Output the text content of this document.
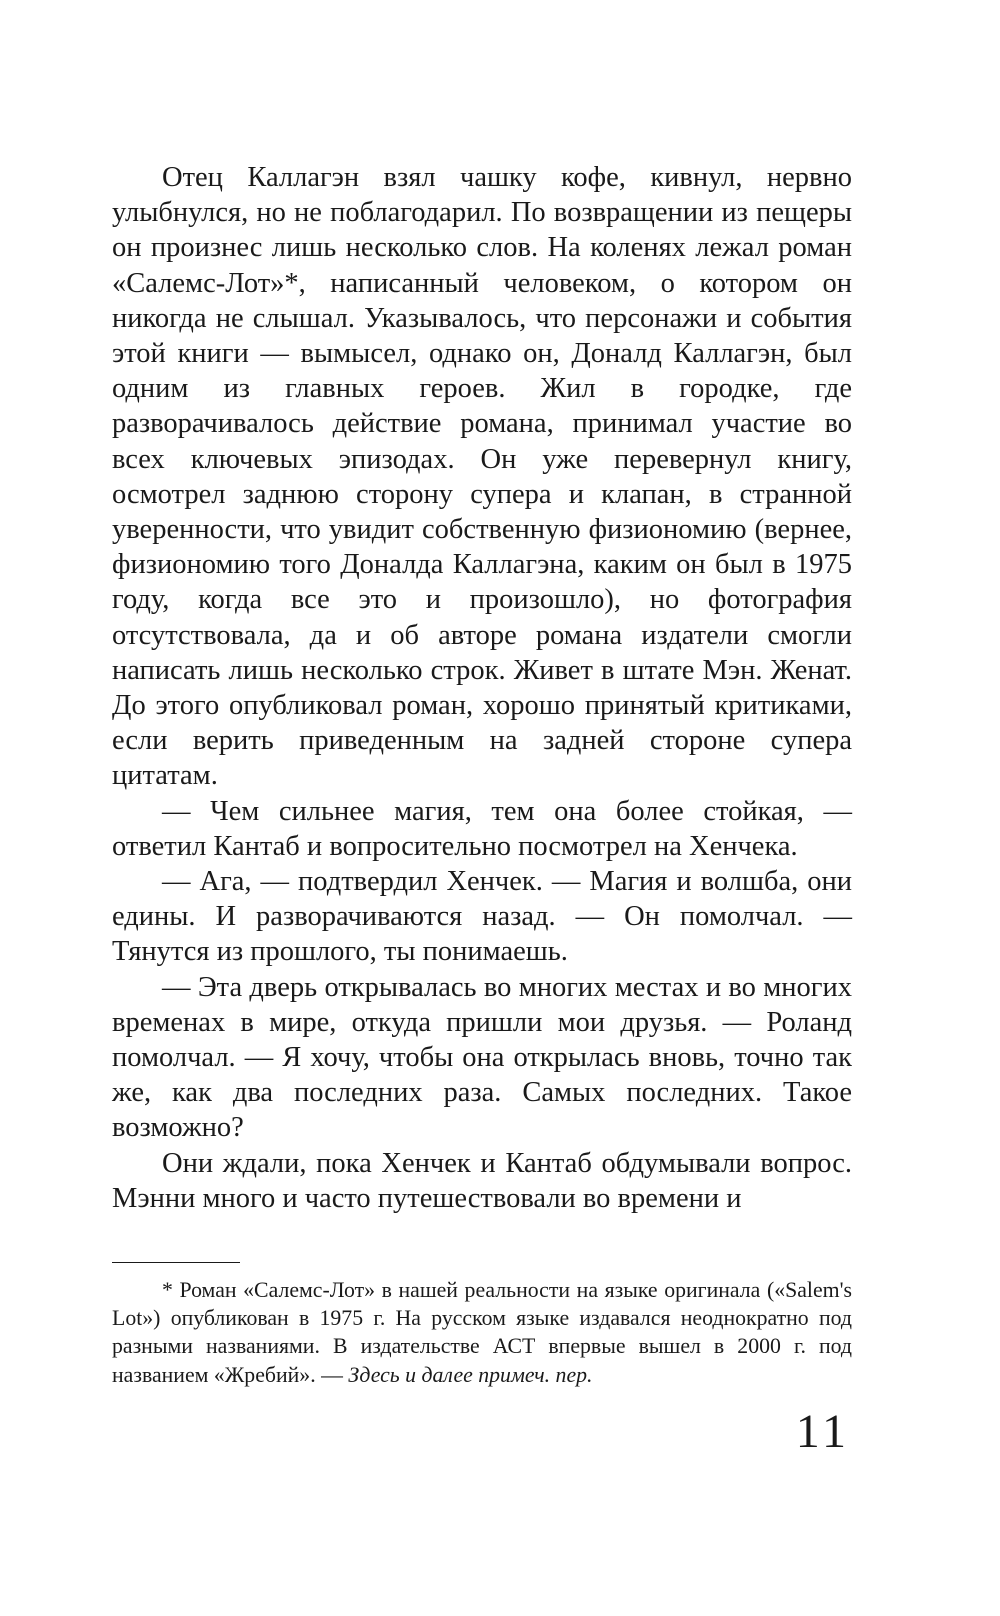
Отец Каллагэн взял чашку кофе, кивнул, нервно улыбнулся, но не поблагодарил. По возвращении из пещеры он произнес лишь несколько слов. На коленях лежал роман «Салемс-Лот»*, написанный человеком, о котором он никогда не слышал. Указывалось, что персонажи и события этой книги — вымысел, однако он, Доналд Каллагэн, был одним из главных героев. Жил в городке, где разворачивалось действие романа, принимал участие во всех ключевых эпизодах. Он уже перевернул книгу, осмотрел заднюю сторону супера и клапан, в странной уверенности, что увидит собственную физиономию (вернее, физиономию того Доналда Каллагэна, каким он был в 1975 году, когда все это и произошло), но фотография отсутствовала, да и об авторе романа издатели смогли написать лишь несколько строк. Живет в штате Мэн. Женат. До этого опубликовал роман, хорошо принятый критиками, если верить приведенным на задней стороне супера цитатам.

— Чем сильнее магия, тем она более стойкая, — ответил Кантаб и вопросительно посмотрел на Хенчека.

— Ага, — подтвердил Хенчек. — Магия и волшба, они едины. И разворачиваются назад. — Он помолчал. — Тянутся из прошлого, ты понимаешь.

— Эта дверь открывалась во многих местах и во многих временах в мире, откуда пришли мои друзья. — Роланд помолчал. — Я хочу, чтобы она открылась вновь, точно так же, как два последних раза. Самых последних. Такое возможно?

Они ждали, пока Хенчек и Кантаб обдумывали вопрос. Мэнни много и часто путешествовали во времени и

* Роман «Салемс-Лот» в нашей реальности на языке оригинала («Salem's Lot») опубликован в 1975 г. На русском языке издавался неоднократно под разными названиями. В издательстве АСТ впервые вышел в 2000 г. под названием «Жребий». — Здесь и далее примеч. пер.

11
